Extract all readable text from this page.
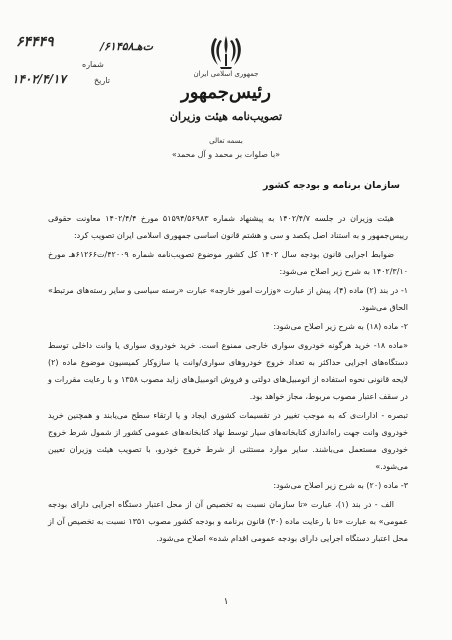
۶۴۴۴۹	/۶۱۴۵۸ت‌هـ
شماره
تاریخ
۱۴۰۲/۴/۱۷	جمهوری اسلامی ایران
رئیس‌جمهور
تصویب‌نامه هیئت وزیران
بسمه تعالی
«با صلوات بر محمد و آل محمد»
سازمان برنامه و بودجه کشور

هیئت وزیران در جلسه ۱۴۰۲/۴/۷ به پیشنهاد شماره ۵۱۵۹۴/۵۶۹۸۳ مورخ ۱۴۰۲/۴/۴ معاونت حقوقی رییس‌جمهور و به استناد اصل یکصد و سی و هشتم قانون اساسی جمهوری اسلامی ایران تصویب کرد:

ضوابط اجرایی قانون بودجه سال ۱۴۰۲ کل کشور موضوع تصویب‌نامه شماره ۴۲۰۰۹/ت۶۱۲۶۶هـ مورخ ۱۴۰۲/۳/۱۰ به شرح زیر اصلاح می‌شود:

۱- در بند (۲) ماده (۴)، پیش از عبارت «وزارت امور خارجه» عبارت «رسته سیاسی و سایر رسته‌های مرتبط» الحاق می‌شود.

۲- ماده (۱۸) به شرح زیر اصلاح می‌شود:

«ماده ۱۸- خرید هرگونه خودروی سواری خارجی ممنوع است. خرید خودروی سواری یا وانت داخلی توسط دستگاه‌های اجرایی حداکثر به تعداد خروج خودروهای سواری/وانت یا سازوکار کمیسیون موضوع ماده (۲) لایحه قانونی نحوه استفاده از اتومبیل‌های دولتی و فروش اتومبیل‌های زاید مصوب ۱۳۵۸ و با رعایت مقررات و در سقف اعتبار مصوب مربوط، مجاز خواهد بود.

تبصره - ادارات‌ی که به موجب تغییر در تقسیمات کشوری ایجاد و یا ارتقاء سطح می‌یابند و همچنین خرید خودروی وانت جهت راه‌اندازی کتابخانه‌های سیار توسط نهاد کتابخانه‌های عمومی کشور از شمول شرط خروج خودروی مستعمل می‌باشند. سایر موارد مستثنی از شرط خروج خودرو، با تصویب هیئت وزیران تعیین می‌شود.»

۳- ماده (۲۰) به شرح زیر اصلاح می‌شود:

الف - در بند (۱)، عبارت «تا سازمان نسبت به تخصیص آن از محل اعتبار دستگاه اجرایی دارای بودجه عمومی» به عبارت «تا با رعایت ماده (۳۰) قانون برنامه و بودجه کشور مصوب ۱۳۵۱ نسبت به تخصیص آن از محل اعتبار دستگاه اجرایی دارای بودجه عمومی اقدام شده» اصلاح می‌شود.

۱
